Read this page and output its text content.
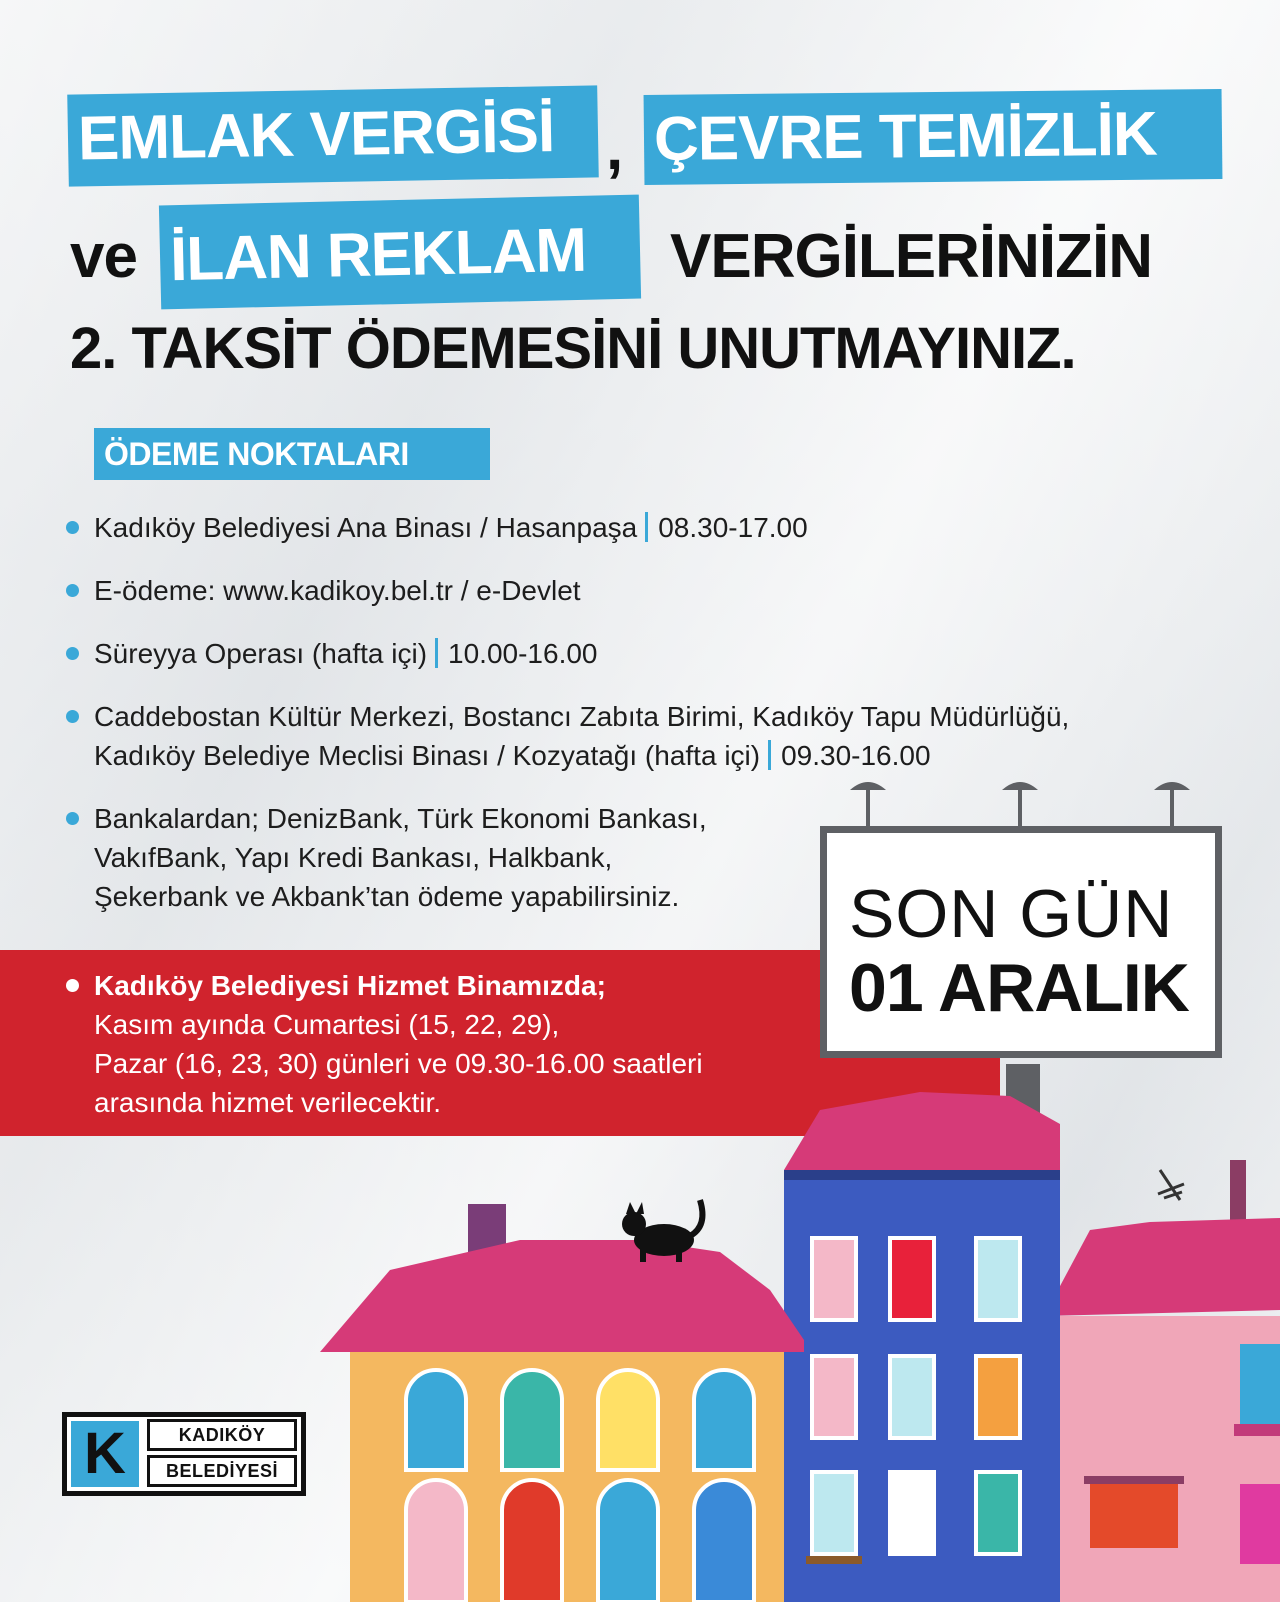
EMLAK VERGİSİ , ÇEVRE TEMİZLİK
ve İLAN REKLAM	VERGİLERİNİZİN
2. TAKSİT ÖDEMESİNİ UNUTMAYINIZ.
ÖDEME NOKTALARI
Kadıköy Belediyesi Ana Binası / Hasanpaşa 08.30-17.00
E-ödeme: www.kadikoy.bel.tr / e-Devlet
Süreyya Operası (hafta içi) 10.00-16.00
Caddebostan Kültür Merkezi, Bostancı Zabıta Birimi, Kadıköy Tapu Müdürlüğü,
Kadıköy Belediye Meclisi Binası / Kozyatağı (hafta içi) 09.30-16.00
Bankalardan; DenizBank, Türk Ekonomi Bankası,
VakıfBank, Yapı Kredi Bankası, Halkbank,
Şekerbank ve Akbank’tan ödeme yapabilirsiniz.
Kadıköy Belediyesi Hizmet Binamızda;
Kasım ayında Cumartesi (15, 22, 29),
Pazar (16, 23, 30) günleri ve 09.30-16.00 saatleri
arasında hizmet verilecektir.
SON GÜN
01 ARALIK
K	KADIKÖY
BELEDİYESİ
